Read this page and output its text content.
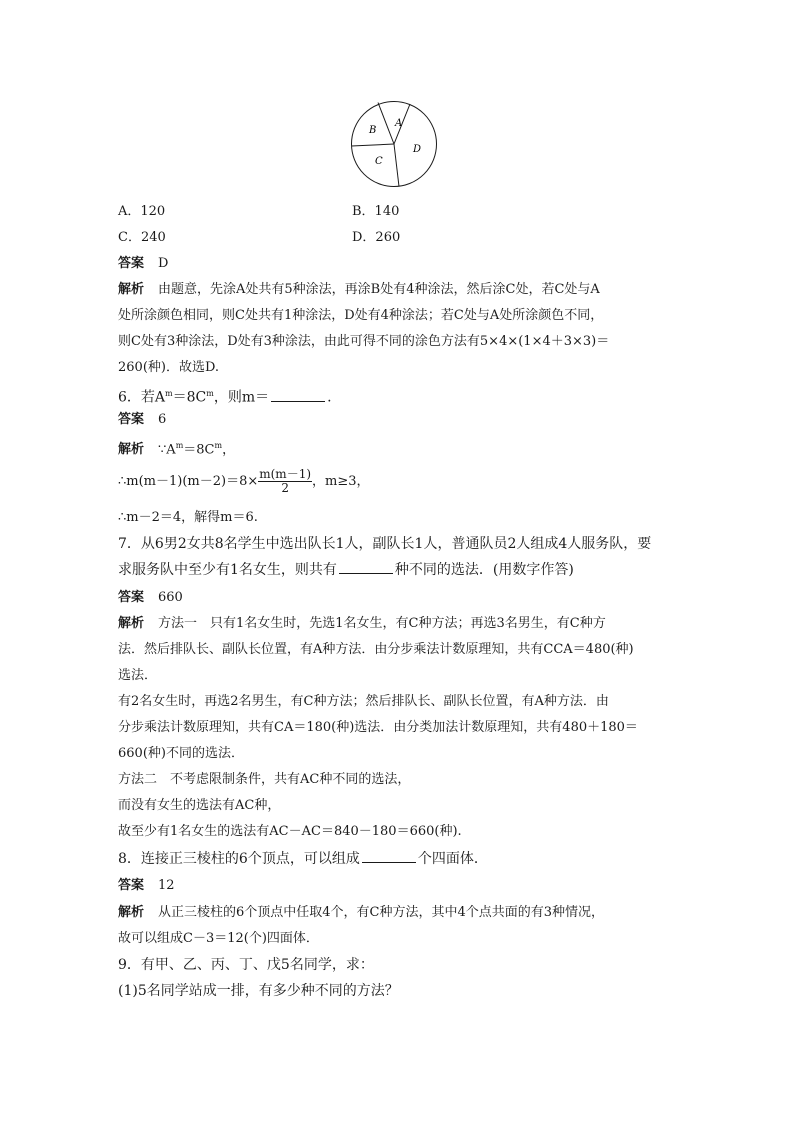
A
B
C
D
A．120	B．140
C．240	D．260
答案 D
解析 由题意，先涂A处共有5种涂法，再涂B处有4种涂法，然后涂C处，若C处与A
处所涂颜色相同，则C处共有1种涂法，D处有4种涂法；若C处与A处所涂颜色不同，
则C处有3种涂法，D处有3种涂法，由此可得不同的涂色方法有5×4×(1×4＋3×3)＝
260(种)．故选D.
6．若$A^m=8C^m$，则m＝	.
答案 6
解析 $\because A^m=8C^m$，
∴m(m－1)(m－2)＝8× $\frac{m(m-1)}{2}$ ，m≥3，
∴m－2＝4，解得m＝6.
7．从6男2女共8名学生中选出队长1人，副队长1人，普通队员2人组成4人服务队，要
求服务队中至少有1名女生，则共有	种不同的选法．(用数字作答)
答案 660
解析 方法一　只有1名女生时，先选1名女生，有C种方法；再选3名男生，有C种方
法．然后排队长、副队长位置，有A种方法．由分步乘法计数原理知，共有CCA＝480(种)
选法．
有2名女生时，再选2名男生，有C种方法；然后排队长、副队长位置，有A种方法．由
分步乘法计数原理知，共有CA＝180(种)选法．由分类加法计数原理知，共有480＋180＝
660(种)不同的选法．
方法二　不考虑限制条件，共有AC种不同的选法，
而没有女生的选法有AC种，
故至少有1名女生的选法有AC－AC＝840－180＝660(种).
8．连接正三棱柱的6个顶点，可以组成	个四面体．
答案 12
解析 从正三棱柱的6个顶点中任取4个，有C种方法，其中4个点共面的有3种情况，
故可以组成C－3＝12(个)四面体．
9．有甲、乙、丙、丁、戊5名同学，求：
(1)5名同学站成一排，有多少种不同的方法？
